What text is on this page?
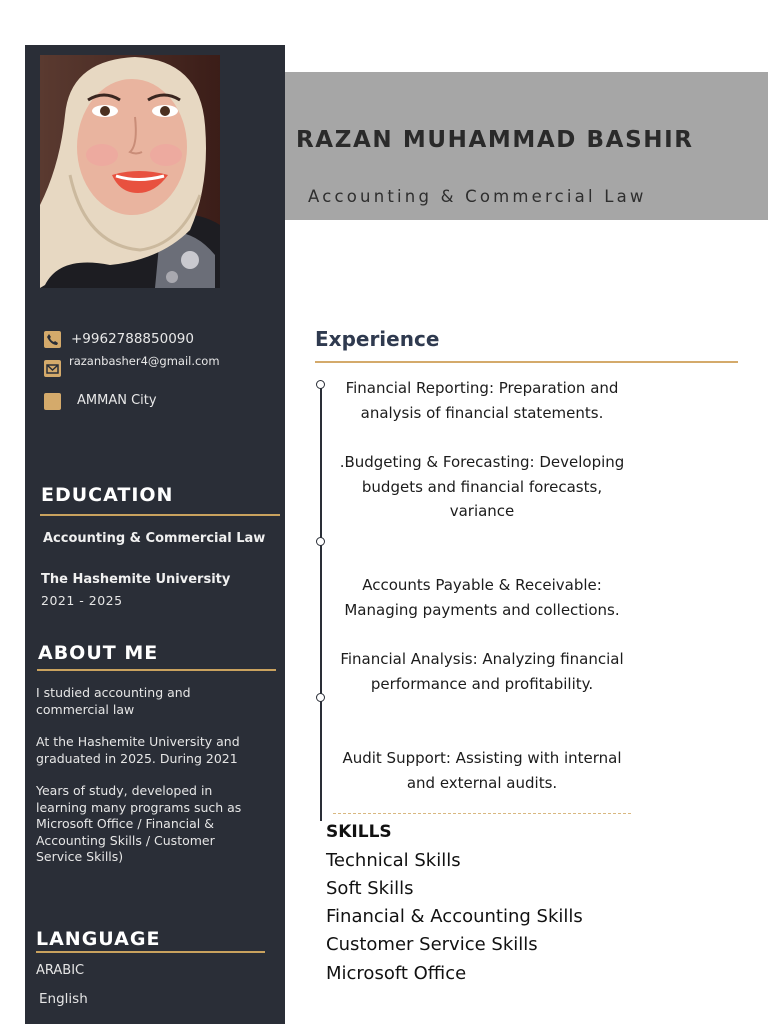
RAZAN MUHAMMAD BASHIR
Accounting & Commercial Law
+9962788850090
razanbasher4@gmail.com
AMMAN City
EDUCATION
Accounting & Commercial Law
The Hashemite University
2021 - 2025
ABOUT ME
I studied accounting and commercial law
At the Hashemite University and graduated in 2025. During 2021
Years of study, developed in learning many programs such as Microsoft Office / Financial & Accounting Skills / Customer Service Skills)
LANGUAGE
ARABIC
English
Experience
Financial Reporting: Preparation and analysis of financial statements.
.Budgeting & Forecasting: Developing budgets and financial forecasts, variance
Accounts Payable & Receivable: Managing payments and collections.
Financial Analysis: Analyzing financial performance and profitability.
Audit Support: Assisting with internal and external audits.
SKILLS
Technical Skills
Soft Skills
Financial & Accounting Skills
Customer Service Skills
Microsoft Office
